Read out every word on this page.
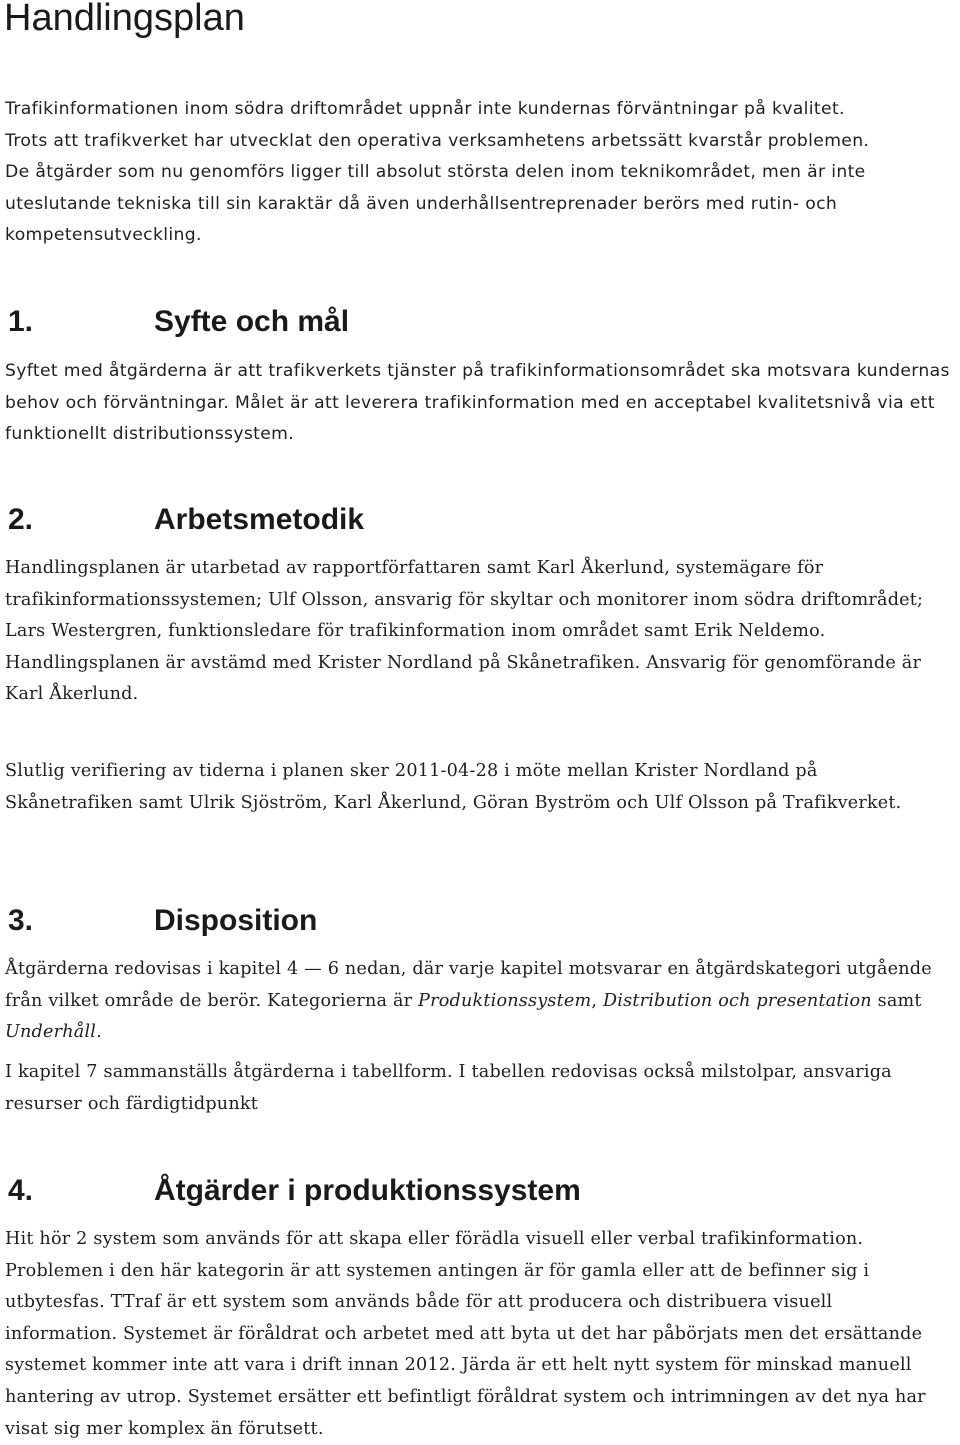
Handlingsplan
Trafikinformationen inom södra driftområdet uppnår inte kundernas förväntningar på kvalitet.
Trots att trafikverket har utvecklat den operativa verksamhetens arbetssätt kvarstår problemen.
De åtgärder som nu genomförs ligger till absolut största delen inom teknikområdet, men är inte uteslutande tekniska till sin karaktär då även underhållsentreprenader berörs med rutin- och kompetensutveckling.
1.	Syfte och mål

Syftet med åtgärderna är att trafikverkets tjänster på trafikinformationsområdet ska motsvara kundernas behov och förväntningar. Målet är att leverera trafikinformation med en acceptabel kvalitetsnivå via ett funktionellt distributionssystem.

2.	Arbetsmetodik

Handlingsplanen är utarbetad av rapportförfattaren samt Karl Åkerlund, systemägare för trafikinformationssystemen; Ulf Olsson, ansvarig för skyltar och monitorer inom södra driftområdet; Lars Westergren, funktionsledare för trafikinformation inom området samt Erik Neldemo. Handlingsplanen är avstämd med Krister Nordland på Skånetrafiken. Ansvarig för genomförande är Karl Åkerlund.

Slutlig verifiering av tiderna i planen sker 2011-04-28 i möte mellan Krister Nordland på Skånetrafiken samt Ulrik Sjöström, Karl Åkerlund, Göran Byström och Ulf Olsson på Trafikverket.

3.	Disposition

Åtgärderna redovisas i kapitel 4 — 6 nedan, där varje kapitel motsvarar en åtgärdskategori utgående från vilket område de berör. Kategorierna är Produktionssystem, Distribution och presentation samt Underhåll.

I kapitel 7 sammanställs åtgärderna i tabellform. I tabellen redovisas också milstolpar, ansvariga resurser och färdigtidpunkt

4.	Åtgärder i produktionssystem

Hit hör 2 system som används för att skapa eller förädla visuell eller verbal trafikinformation. Problemen i den här kategorin är att systemen antingen är för gamla eller att de befinner sig i utbytesfas. TTraf är ett system som används både för att producera och distribuera visuell information. Systemet är föråldrat och arbetet med att byta ut det har påbörjats men det ersättande systemet kommer inte att vara i drift innan 2012. Järda är ett helt nytt system för minskad manuell hantering av utrop. Systemet ersätter ett befintligt föråldrat system och intrimningen av det nya har visat sig mer komplex än förutsett.
